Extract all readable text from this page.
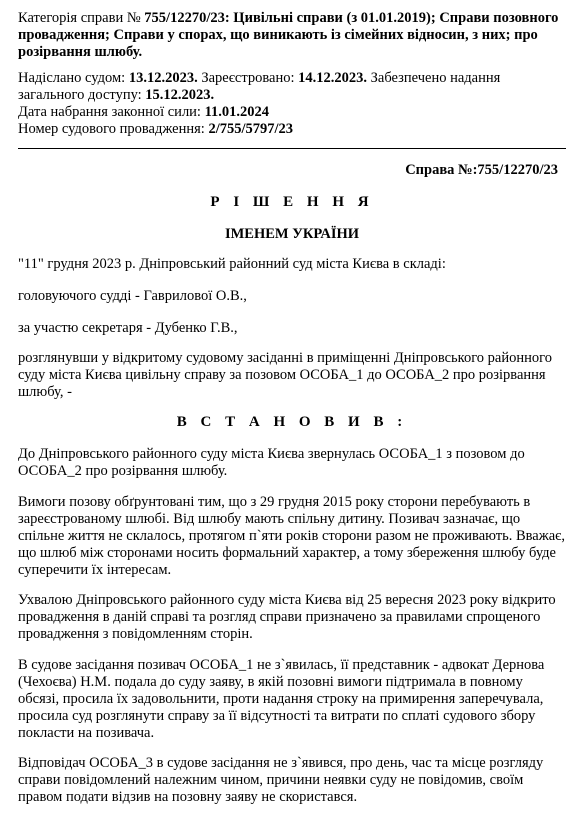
Категорія справи № 755/12270/23: Цивільні справи (з 01.01.2019); Справи позовного провадження; Справи у спорах, що виникають із сімейних відносин, з них; про розірвання шлюбу.

Надіслано судом: 13.12.2023. Зареєстровано: 14.12.2023. Забезпечено надання загального доступу: 15.12.2023.

Дата набрання законної сили: 11.01.2024

Номер судового провадження: 2/755/5797/23

Справа №:755/12270/23

Р І Ш Е Н Н Я

ІМЕНЕМ УКРАЇНИ

"11" грудня 2023 р. Дніпровський районний суд міста Києва в складі:

головуючого судді - Гаврилової О.В.,

за участю секретаря - Дубенко Г.В.,

розглянувши у відкритому судовому засіданні в приміщенні Дніпровського районного суду міста Києва цивільну справу за позовом ОСОБА_1 до ОСОБА_2 про розірвання шлюбу, -

В С Т А Н О В И В :

До Дніпровського районного суду міста Києва звернулась ОСОБА_1 з позовом до ОСОБА_2 про розірвання шлюбу.

Вимоги позову обґрунтовані тим, що з 29 грудня 2015 року сторони перебувають в зареєстрованому шлюбі. Від шлюбу мають спільну дитину. Позивач зазначає, що спільне життя не склалось, протягом п`яти років сторони разом не проживають. Вважає, що шлюб між сторонами носить формальний характер, а тому збереження шлюбу буде суперечити їх інтересам.

Ухвалою Дніпровського районного суду міста Києва від 25 вересня 2023 року відкрито провадження в даній справі та розгляд справи призначено за правилами спрощеного провадження з повідомленням сторін.

В судове засідання позивач ОСОБА_1 не з`явилась, її представник - адвокат Дернова (Чехоєва) Н.М. подала до суду заяву, в якій позовні вимоги підтримала в повному обсязі, просила їх задовольнити, проти надання строку на примирення заперечувала, просила суд розглянути справу за її відсутності та витрати по сплаті судового збору покласти на позивача.

Відповідач ОСОБА_3 в судове засідання не з`явився, про день, час та місце розгляду справи повідомлений належним чином, причини неявки суду не повідомив, своїм правом подати відзив на позовну заяву не скористався.
